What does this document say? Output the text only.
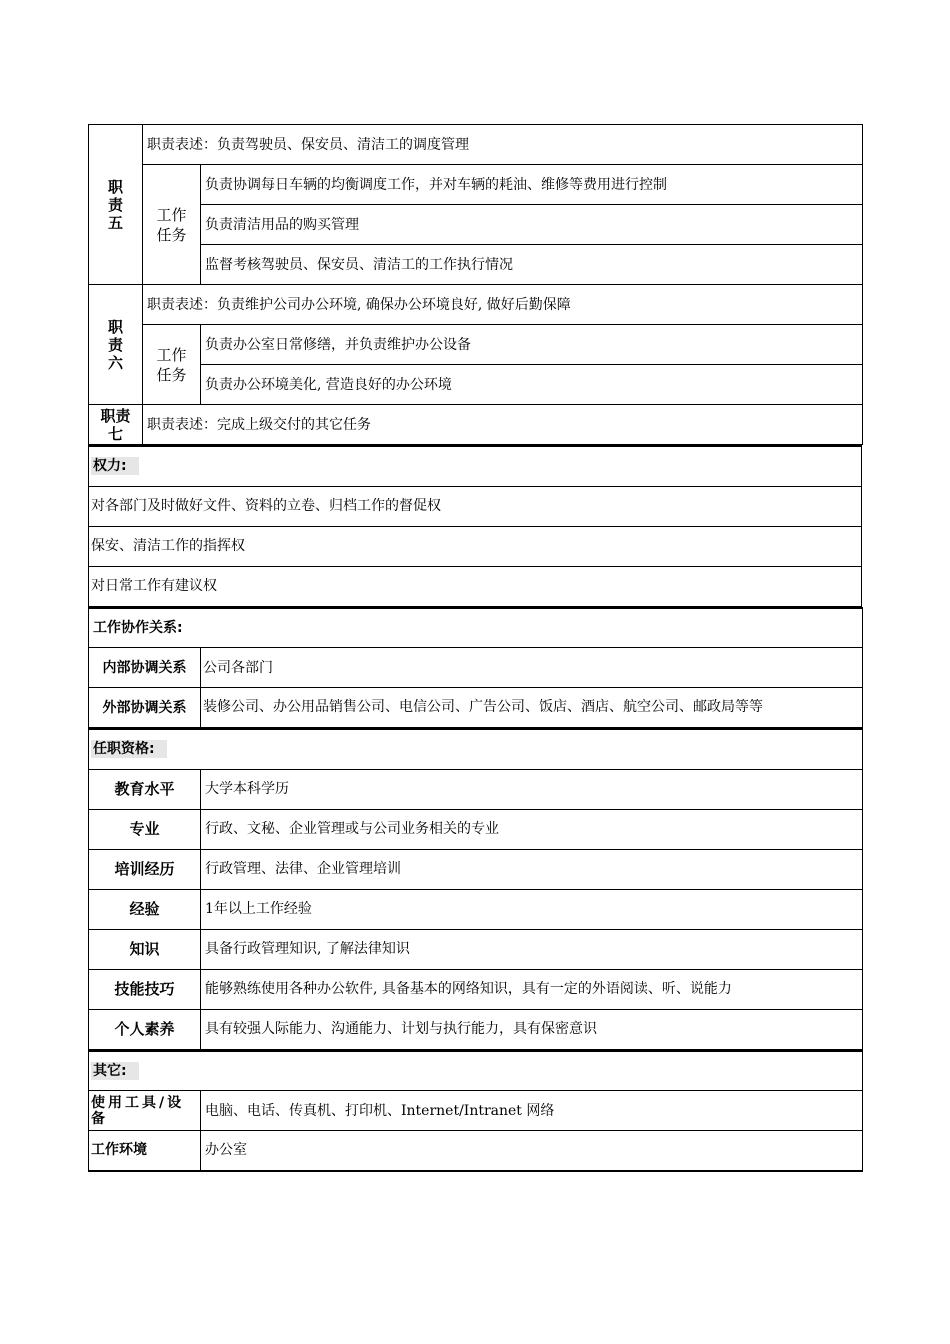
职
责
五	职责表述：负责驾驶员、保安员、清洁工的调度管理	
	工作
任务	负责协调每日车辆的均衡调度工作，并对车辆的耗油、维修等费用进行控制
		负责清洁用品的购买管理
		监督考核驾驶员、保安员、清洁工的工作执行情况
职
责
六	职责表述：负责维护公司办公环境, 确保办公环境良好, 做好后勤保障	
	工作
任务	负责办公室日常修缮，并负责维护办公设备
		负责办公环境美化, 营造良好的办公环境
职责
七	职责表述：完成上级交付的其它任务	
权力:
对各部门及时做好文件、资料的立卷、归档工作的督促权
保安、清洁工作的指挥权
对日常工作有建议权
工作协作关系:	
内部协调关系	公司各部门
外部协调关系	装修公司、办公用品销售公司、电信公司、广告公司、饭店、酒店、航空公司、邮政局等等
任职资格:	
教育水平	大学本科学历
专业	行政、文秘、企业管理或与公司业务相关的专业
培训经历	行政管理、法律、企业管理培训
经验	1年以上工作经验
知识	具备行政管理知识, 了解法律知识
技能技巧	能够熟练使用各种办公软件, 具备基本的网络知识，具有一定的外语阅读、听、说能力
个人素养	具有较强人际能力、沟通能力、计划与执行能力，具有保密意识
其它:	
使用工具/设备	电脑、电话、传真机、打印机、Internet/Intranet 网络
工作环境	办公室
